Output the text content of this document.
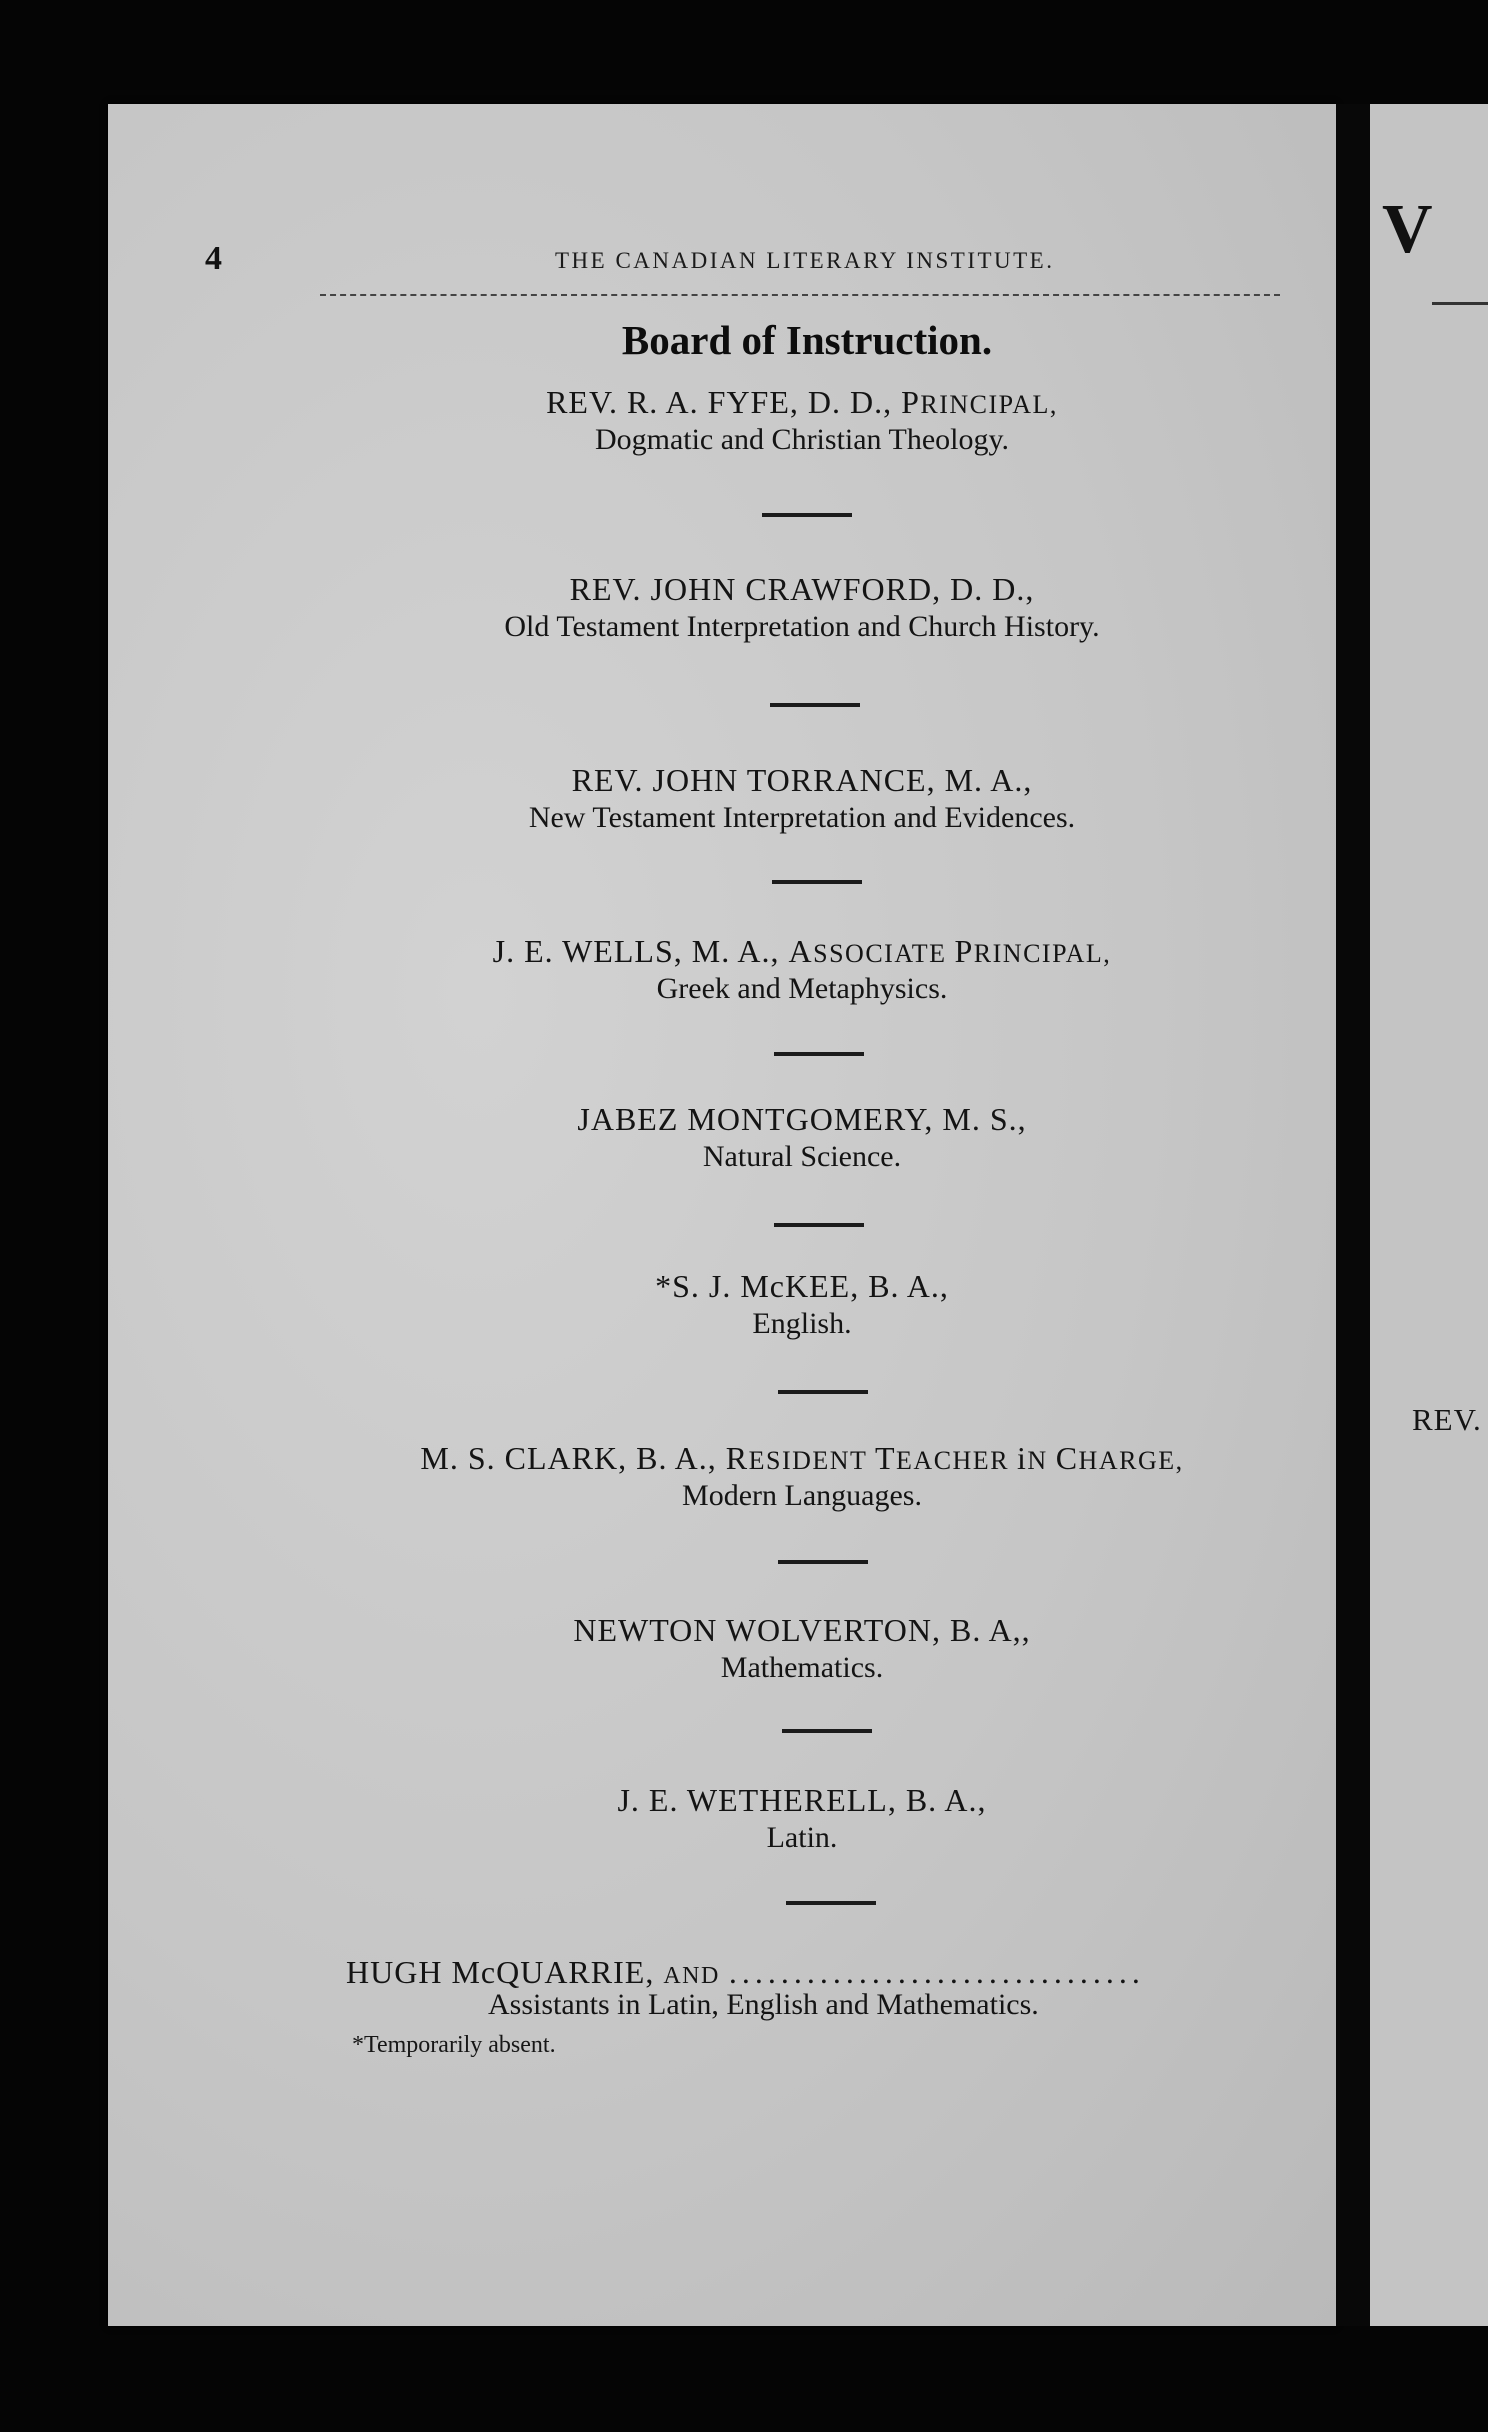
V
REV.
4	THE CANADIAN LITERARY INSTITUTE.
Board of Instruction.
REV. R. A. FYFE, D. D., PRINCIPAL,
Dogmatic and Christian Theology.
REV. JOHN CRAWFORD, D. D.,
Old Testament Interpretation and Church History.
REV. JOHN TORRANCE, M. A.,
New Testament Interpretation and Evidences.
J. E. WELLS, M. A., ASSOCIATE PRINCIPAL,
Greek and Metaphysics.
JABEZ MONTGOMERY, M. S.,
Natural Science.
*S. J. McKEE, B. A.,
English.
M. S. CLARK, B. A., RESIDENT TEACHER iN CHARGE,
Modern Languages.
NEWTON WOLVERTON, B. A,,
Mathematics.
J. E. WETHERELL, B. A.,
Latin.
HUGH McQUARRIE, AND ................................
Assistants in Latin, English and Mathematics.
*Temporarily absent.
